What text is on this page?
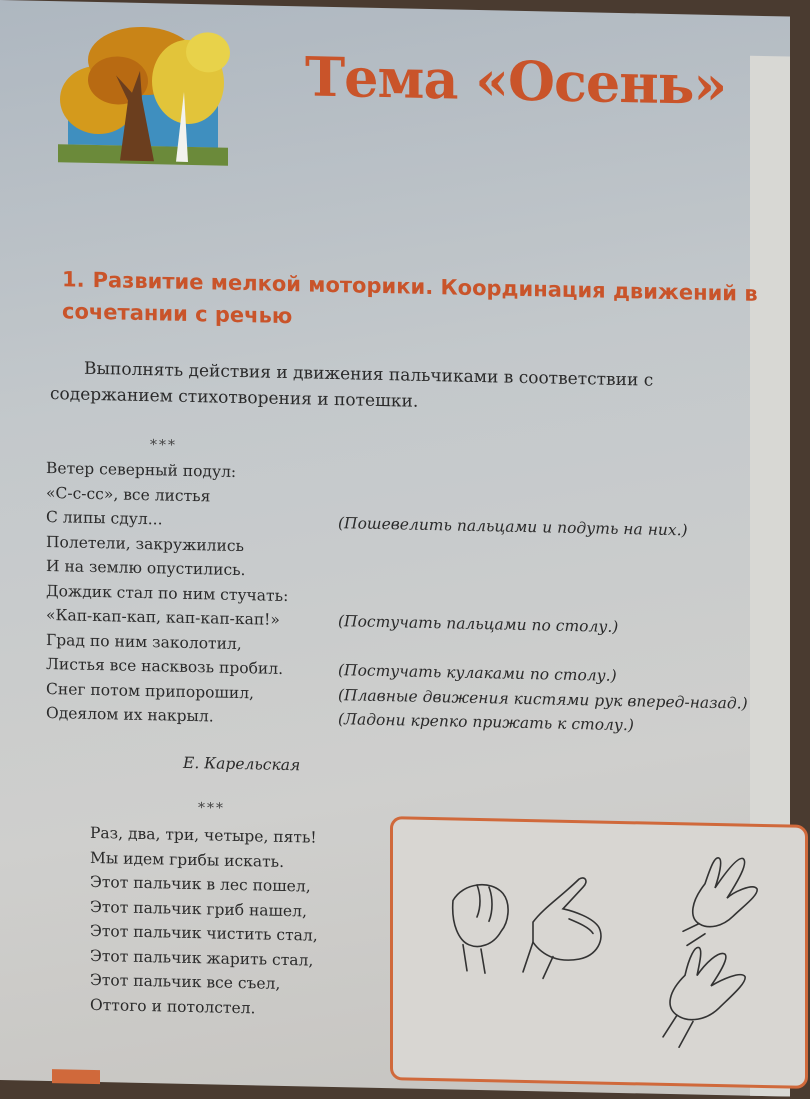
Тема «Осень»
1. Развитие мелкой моторики. Координация движений в сочетании с речью
Выполнять действия и движения пальчиками в соответствии с содержанием стихотворения и потешки.
***
Ветер северный подул:
«С-с-сс», все листья
С липы сдул...	(Пошевелить пальцами и подуть на них.)
Полетели, закружились
И на землю опустились.
Дождик стал по ним стучать:
«Кап-кап-кап, кап-кап-кап!»	(Постучать пальцами по столу.)
Град по ним заколотил,
Листья все насквозь пробил.	(Постучать кулаками по столу.)
Снег потом припорошил,	(Плавные движения кистями рук вперед-назад.)
Одеялом их накрыл.	(Ладони крепко прижать к столу.)
Е. Карельская
***
Раз, два, три, четыре, пять!
Мы идем грибы искать.
Этот пальчик в лес пошел,
Этот пальчик гриб нашел,
Этот пальчик чистить стал,
Этот пальчик жарить стал,
Этот пальчик все съел,
Оттого и потолстел.
